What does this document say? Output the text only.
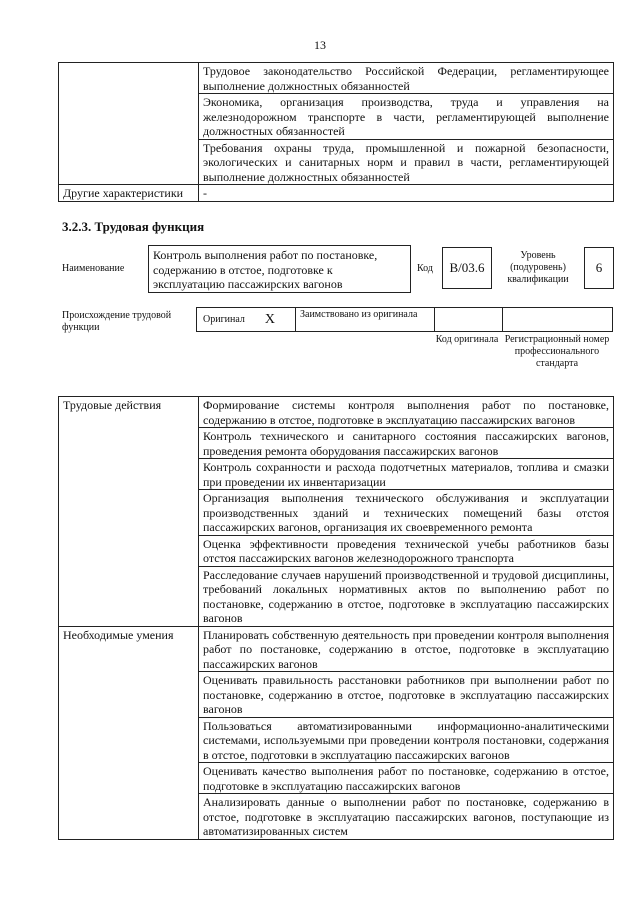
13
	Трудовое законодательство Российской Федерации, регламентирующее выполнение должностных обязанностей
	Экономика, организация производства, труда и управления на железнодорожном транспорте в части, регламентирующей выполнение должностных обязанностей
	Требования охраны труда, промышленной и пожарной безопасности, экологических и санитарных норм и правил в части, регламентирующей выполнение должностных обязанностей
Другие характеристики	-
3.2.3. Трудовая функция
Наименование
Контроль выполнения работ по постановке, содержанию в отстое, подготовке к эксплуатацию пассажирских вагонов
Код	B/03.6
Уровень (подуровень) квалификации
6
Происхождение трудовой функции
Оригинал X	Заимствовано из оригинала
Код оригинала Регистрационный номер профессионального стандарта
Трудовые действия	Формирование системы контроля выполнения работ по постановке, содержанию в отстое, подготовке в эксплуатацию пассажирских вагонов
	Контроль технического и санитарного состояния пассажирских вагонов, проведения ремонта оборудования пассажирских вагонов
	Контроль сохранности и расхода подотчетных материалов, топлива и смазки при проведении их инвентаризации
	Организация выполнения технического обслуживания и эксплуатации производственных зданий и технических помещений базы отстоя пассажирских вагонов, организация их своевременного ремонта
	Оценка эффективности проведения технической учебы работников базы отстоя пассажирских вагонов железнодорожного транспорта
	Расследование случаев нарушений производственной и трудовой дисциплины, требований локальных нормативных актов по выполнению работ по постановке, содержанию в отстое, подготовке в эксплуатацию пассажирских вагонов
Необходимые умения	Планировать собственную деятельность при проведении контроля выполнения работ по постановке, содержанию в отстое, подготовке в эксплуатацию пассажирских вагонов
	Оценивать правильность расстановки работников при выполнении работ по постановке, содержанию в отстое, подготовке в эксплуатацию пассажирских вагонов
	Пользоваться автоматизированными информационно-аналитическими системами, используемыми при проведении контроля постановки, содержания в отстое, подготовки в эксплуатацию пассажирских вагонов
	Оценивать качество выполнения работ по постановке, содержанию в отстое, подготовке в эксплуатацию пассажирских вагонов
	Анализировать данные о выполнении работ по постановке, содержанию в отстое, подготовке в эксплуатацию пассажирских вагонов, поступающие из автоматизированных систем
